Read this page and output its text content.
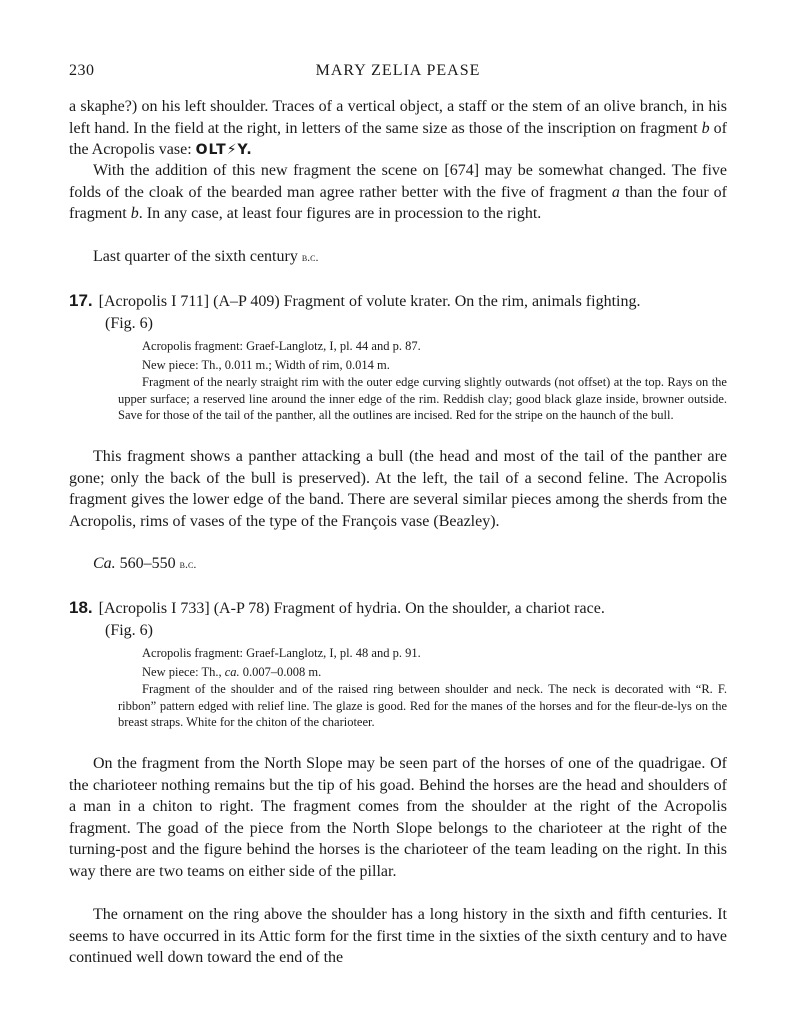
230	MARY ZELIA PEASE

a skaphe?) on his left shoulder. Traces of a vertical object, a staff or the stem of an olive branch, in his left hand. In the field at the right, in letters of the same size as those of the inscription on fragment b of the Acropolis vase: OLT⚡Y.

With the addition of this new fragment the scene on [674] may be somewhat changed. The five folds of the cloak of the bearded man agree rather better with the five of fragment a than the four of fragment b. In any case, at least four figures are in procession to the right.

Last quarter of the sixth century b.c.

17. [Acropolis I 711] (A–P 409) Fragment of volute krater. On the rim, animals fighting.
(Fig. 6)

Acropolis fragment: Graef-Langlotz, I, pl. 44 and p. 87.

New piece: Th., 0.011 m.; Width of rim, 0.014 m.

Fragment of the nearly straight rim with the outer edge curving slightly outwards (not offset) at the top. Rays on the upper surface; a reserved line around the inner edge of the rim. Reddish clay; good black glaze inside, browner outside. Save for those of the tail of the panther, all the outlines are incised. Red for the stripe on the haunch of the bull.

This fragment shows a panther attacking a bull (the head and most of the tail of the panther are gone; only the back of the bull is preserved). At the left, the tail of a second feline. The Acropolis fragment gives the lower edge of the band. There are several similar pieces among the sherds from the Acropolis, rims of vases of the type of the François vase (Beazley).

Ca. 560–550 b.c.

18. [Acropolis I 733] (A-P 78) Fragment of hydria. On the shoulder, a chariot race.
(Fig. 6)

Acropolis fragment: Graef-Langlotz, I, pl. 48 and p. 91.

New piece: Th., ca. 0.007–0.008 m.

Fragment of the shoulder and of the raised ring between shoulder and neck. The neck is decorated with “R. F. ribbon” pattern edged with relief line. The glaze is good. Red for the manes of the horses and for the fleur-de-lys on the breast straps. White for the chiton of the charioteer.

On the fragment from the North Slope may be seen part of the horses of one of the quadrigae. Of the charioteer nothing remains but the tip of his goad. Behind the horses are the head and shoulders of a man in a chiton to right. The fragment comes from the shoulder at the right of the Acropolis fragment. The goad of the piece from the North Slope belongs to the charioteer at the right of the turning-post and the figure behind the horses is the charioteer of the team leading on the right. In this way there are two teams on either side of the pillar.

The ornament on the ring above the shoulder has a long history in the sixth and fifth centuries. It seems to have occurred in its Attic form for the first time in the sixties of the sixth century and to have continued well down toward the end of the
